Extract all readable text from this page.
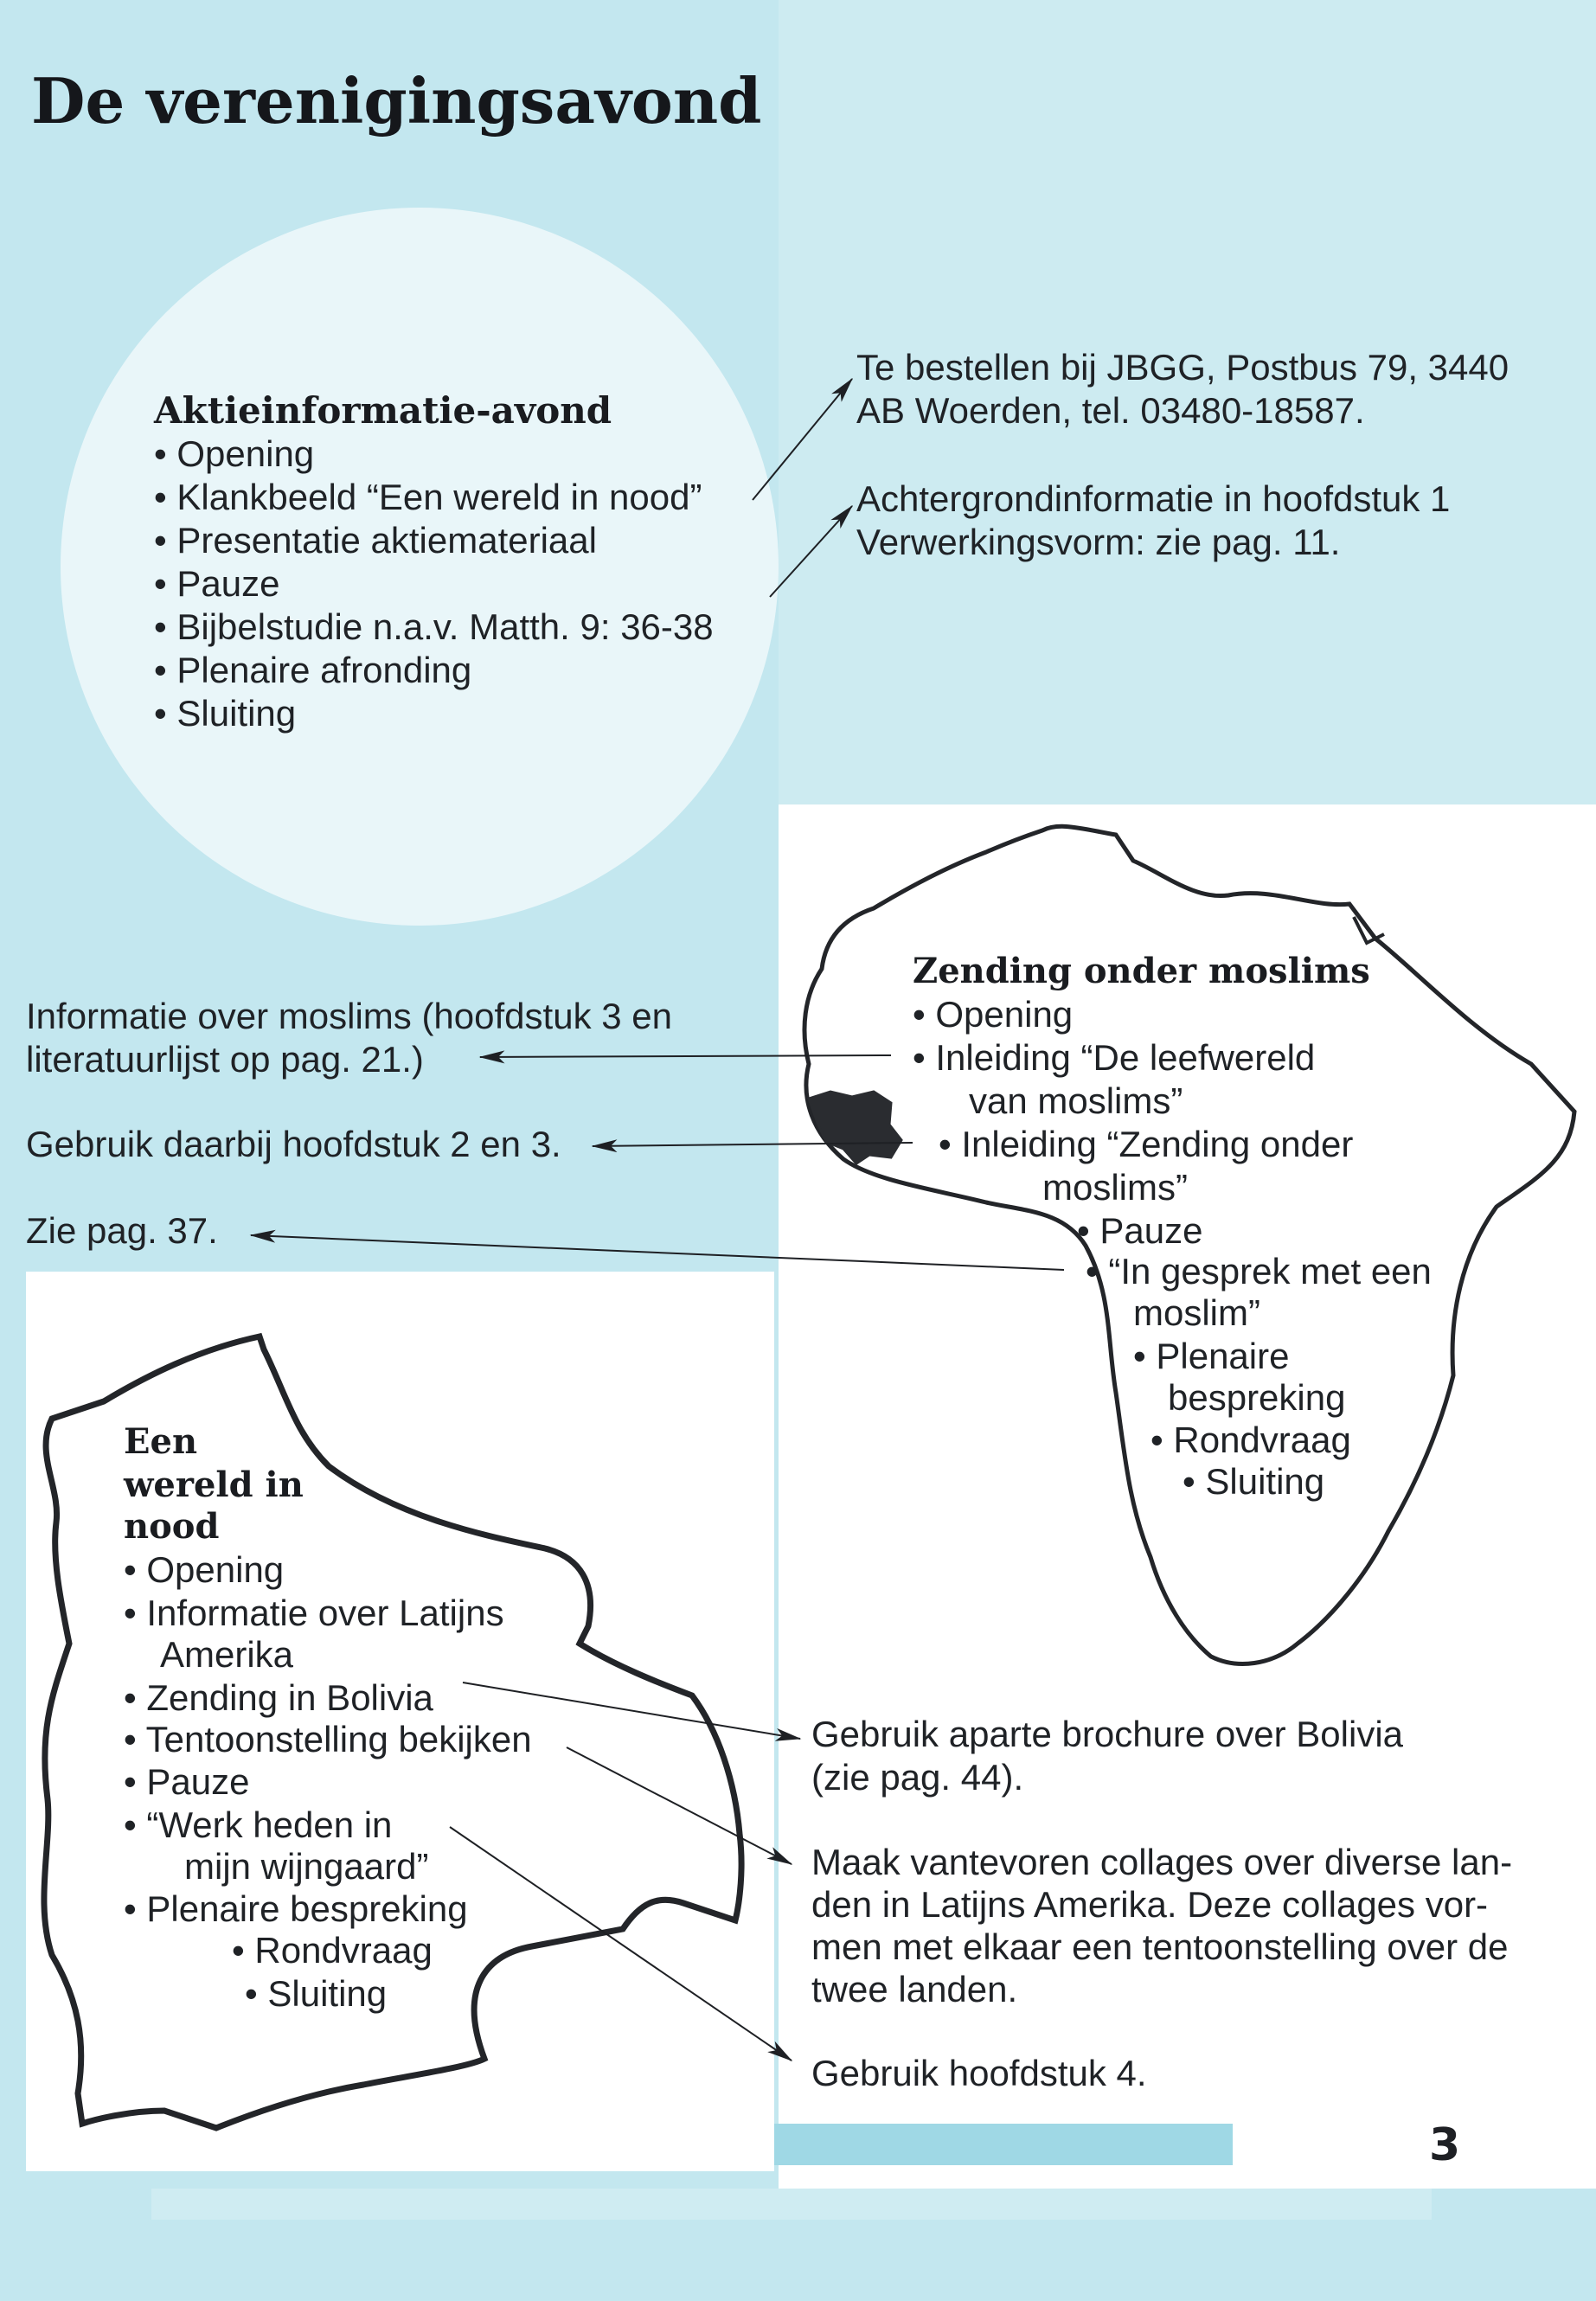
De verenigingsavond
Aktieinformatie-avond
• Opening
• Klankbeeld “Een wereld in nood”
• Presentatie aktiemateriaal
• Pauze
• Bijbelstudie n.a.v. Matth. 9: 36-38
• Plenaire afronding
• Sluiting
Te bestellen bij JBGG, Postbus 79, 3440
AB Woerden, tel. 03480-18587.
Achtergrondinformatie in hoofdstuk 1
Verwerkingsvorm: zie pag. 11.
Zending onder moslims
• Opening
• Inleiding “De leefwereld
van moslims”
• Inleiding “Zending onder
moslims”
• Pauze
• “In gesprek met een
moslim”
• Plenaire
bespreking
• Rondvraag
• Sluiting
Informatie over moslims (hoofdstuk 3 en
literatuurlijst op pag. 21.)
Gebruik daarbij hoofdstuk 2 en 3.
Zie pag. 37.
Een
wereld in
nood
• Opening
• Informatie over Latijns
Amerika
• Zending in Bolivia
• Tentoonstelling bekijken
• Pauze
• “Werk heden in
mijn wijngaard”
• Plenaire bespreking
• Rondvraag
• Sluiting
Gebruik aparte brochure over Bolivia
(zie pag. 44).
Maak vantevoren collages over diverse lan-
den in Latijns Amerika. Deze collages vor-
men met elkaar een tentoonstelling over de
twee landen.
Gebruik hoofdstuk 4.
3
